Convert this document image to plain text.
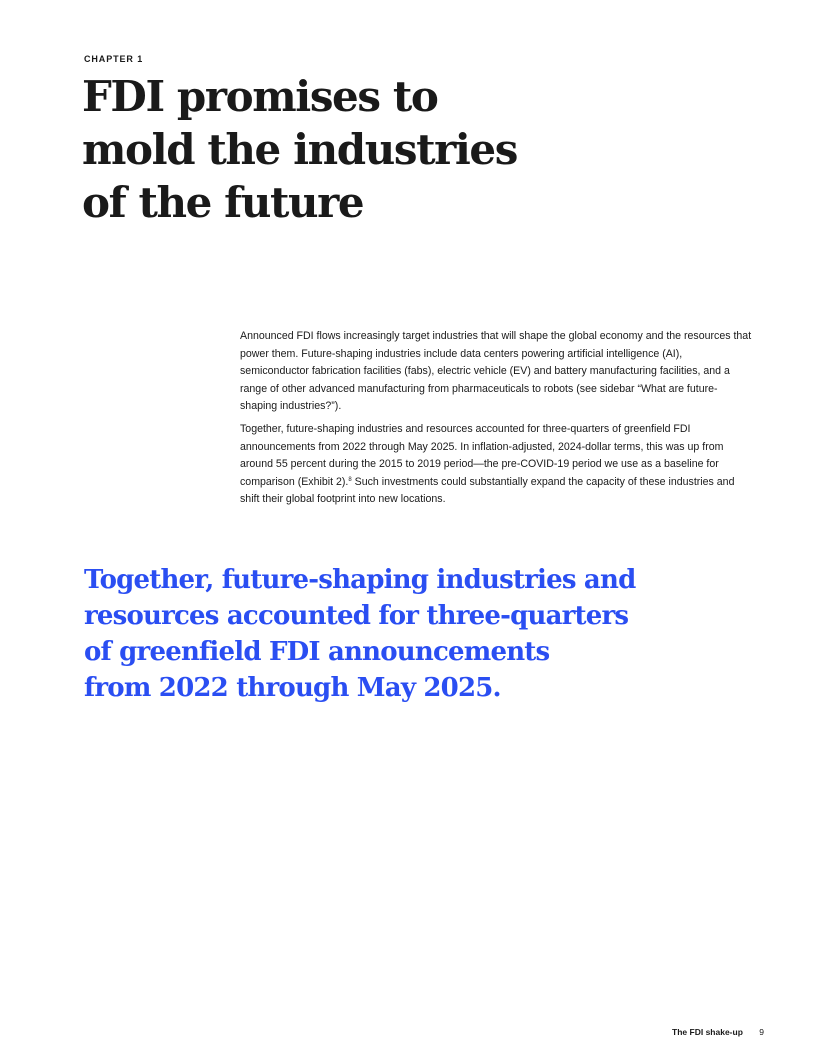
CHAPTER 1
FDI promises to
mold the industries
of the future

Announced FDI flows increasingly target industries that will shape the global economy and the resources that power them. Future-shaping industries include data centers powering artificial intelligence (AI), semiconductor fabrication facilities (fabs), electric vehicle (EV) and battery manufacturing facilities, and a range of other advanced manufacturing from pharmaceuticals to robots (see sidebar “What are future-shaping industries?”).

Together, future-shaping industries and resources accounted for three-quarters of greenfield FDI announcements from 2022 through May 2025. In inflation-adjusted, 2024-dollar terms, this was up from around 55 percent during the 2015 to 2019 period—the pre-COVID-19 period we use as a baseline for comparison (Exhibit 2).$^8$ Such investments could substantially expand the capacity of these industries and shift their global footprint into new locations.

Together, future-shaping industries and
resources accounted for three-quarters
of greenfield FDI announcements
from 2022 through May 2025.
The FDI shake-up 9
